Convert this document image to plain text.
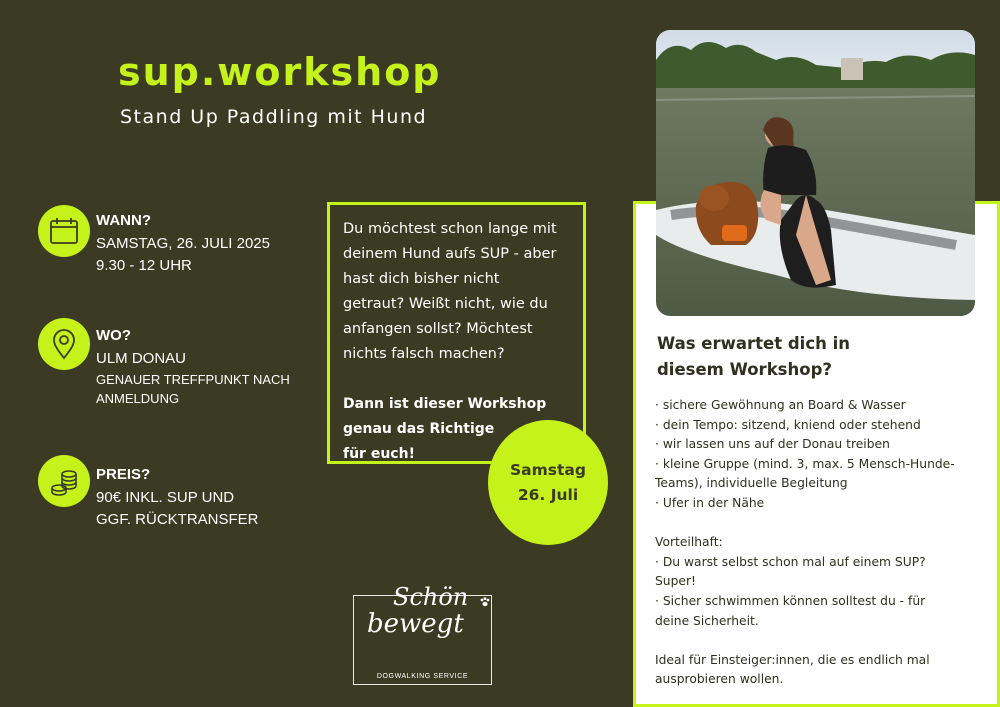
sup.workshop
Stand Up Paddling mit Hund
WANN?
SAMSTAG, 26. JULI 2025
9.30 - 12 UHR
WO?
ULM DONAU
GENAUER TREFFPUNKT NACH
ANMELDUNG
PREIS?
90€ INKL. SUP UND
GGF. RÜCKTRANSFER
Du möchtest schon lange mit
deinem Hund aufs SUP - aber
hast dich bisher nicht
getraut? Weißt nicht, wie du
anfangen sollst? Möchtest
nichts falsch machen?
Dann ist dieser Workshop
genau das Richtige
für euch!
Was erwartet dich in
diesem Workshop?
· sichere Gewöhnung an Board & Wasser
· dein Tempo: sitzend, kniend oder stehend
· wir lassen uns auf der Donau treiben
· kleine Gruppe (mind. 3, max. 5 Mensch-Hunde-
Teams), individuelle Begleitung
· Ufer in der Nähe

Vorteilhaft:
· Du warst selbst schon mal auf einem SUP?
Super!
· Sicher schwimmen können solltest du - für
deine Sicherheit.

Ideal für Einsteiger:innen, die es endlich mal
ausprobieren wollen.
Samstag
26. Juli
Schön
bewegt
DOGWALKING SERVICE
